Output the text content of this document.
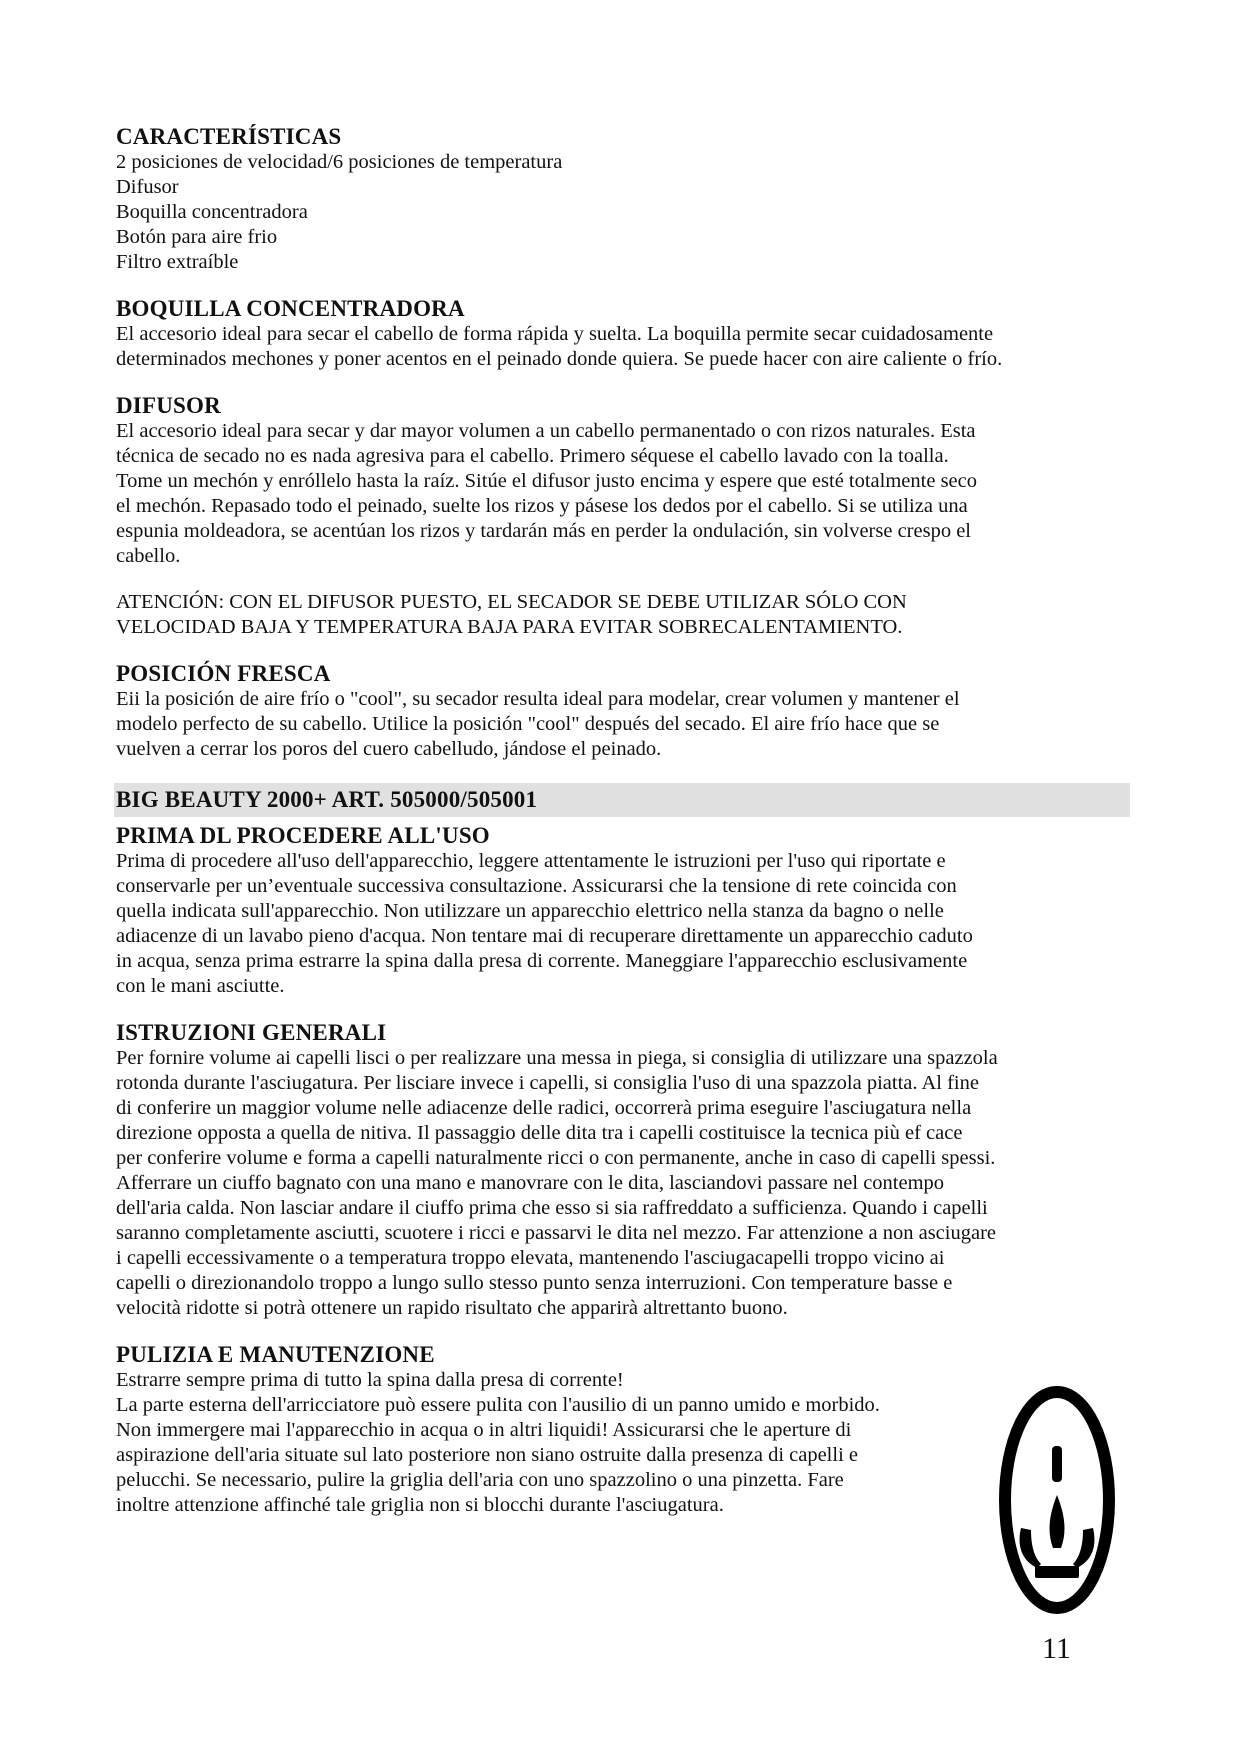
CARACTERÍSTICAS

2 posiciones de velocidad/6 posiciones de temperatura

Difusor

Boquilla concentradora

Botón para aire frio

Filtro extraíble

BOQUILLA CONCENTRADORA

El accesorio ideal para secar el cabello de forma rápida y suelta. La boquilla permite secar cuidadosamente

determinados mechones y poner acentos en el peinado donde quiera. Se puede hacer con aire caliente o frío.

DIFUSOR

El accesorio ideal para secar y dar mayor volumen a un cabello permanentado o con rizos naturales. Esta

técnica de secado no es nada agresiva para el cabello. Primero séquese el cabello lavado con la toalla.

Tome un mechón y enróllelo hasta la raíz. Sitúe el difusor justo encima y espere que esté totalmente seco

el mechón. Repasado todo el peinado, suelte los rizos y pásese los dedos por el cabello. Si se utiliza una

espunia moldeadora, se acentúan los rizos y tardarán más en perder la ondulación, sin volverse crespo el

cabello.

ATENCIÓN: CON EL DIFUSOR PUESTO, EL SECADOR SE DEBE UTILIZAR SÓLO CON

VELOCIDAD BAJA Y TEMPERATURA BAJA PARA EVITAR SOBRECALENTAMIENTO.

POSICIÓN FRESCA

Eii la posición de aire frío o "cool", su secador resulta ideal para modelar, crear volumen y mantener el

modelo perfecto de su cabello. Utilice la posición "cool" después del secado. El aire frío hace que se

vuelven a cerrar los poros del cuero cabelludo, jándose el peinado.

BIG BEAUTY 2000+ ART. 505000/505001
PRIMA DL PROCEDERE ALL'USO

Prima di procedere all'uso dell'apparecchio, leggere attentamente le istruzioni per l'uso qui riportate e

conservarle per un’eventuale successiva consultazione. Assicurarsi che la tensione di rete coincida con

quella indicata sull'apparecchio. Non utilizzare un apparecchio elettrico nella stanza da bagno o nelle

adiacenze di un lavabo pieno d'acqua. Non tentare mai di recuperare direttamente un apparecchio caduto

in acqua, senza prima estrarre la spina dalla presa di corrente. Maneggiare l'apparecchio esclusivamente

con le mani asciutte.

ISTRUZIONI GENERALI

Per fornire volume ai capelli lisci o per realizzare una messa in piega, si consiglia di utilizzare una spazzola

rotonda durante l'asciugatura. Per lisciare invece i capelli, si consiglia l'uso di una spazzola piatta. Al fine

di conferire un maggior volume nelle adiacenze delle radici, occorrerà prima eseguire l'asciugatura nella

direzione opposta a quella de nitiva. Il passaggio delle dita tra i capelli costituisce la tecnica più ef cace

per conferire volume e forma a capelli naturalmente ricci o con permanente, anche in caso di capelli spessi.

Afferrare un ciuffo bagnato con una mano e manovrare con le dita, lasciandovi passare nel contempo

dell'aria calda. Non lasciar andare il ciuffo prima che esso si sia raffreddato a sufficienza. Quando i capelli

saranno completamente asciutti, scuotere i ricci e passarvi le dita nel mezzo. Far attenzione a non asciugare

i capelli eccessivamente o a temperatura troppo elevata, mantenendo l'asciugacapelli troppo vicino ai

capelli o direzionandolo troppo a lungo sullo stesso punto senza interruzioni. Con temperature basse e

velocità ridotte si potrà ottenere un rapido risultato che apparirà altrettanto buono.

PULIZIA E MANUTENZIONE

Estrarre sempre prima di tutto la spina dalla presa di corrente!

La parte esterna dell'arricciatore può essere pulita con l'ausilio di un panno umido e morbido.

Non immergere mai l'apparecchio in acqua o in altri liquidi! Assicurarsi che le aperture di

aspirazione dell'aria situate sul lato posteriore non siano ostruite dalla presenza di capelli e

pelucchi. Se necessario, pulire la griglia dell'aria con uno spazzolino o una pinzetta. Fare

inoltre attenzione affinché tale griglia non si blocchi durante l'asciugatura.

11
